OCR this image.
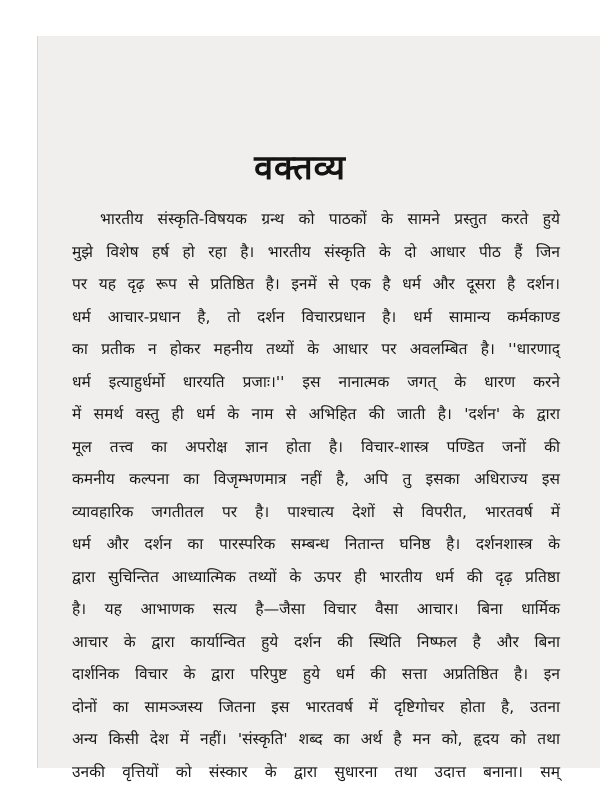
वक्तव्य
भारतीय संस्कृति-विषयक ग्रन्थ को पाठकों के सामने प्रस्तुत करते हुये
मुझे विशेष हर्ष हो रहा है। भारतीय संस्कृति के दो आधार पीठ हैं जिन
पर यह दृढ़ रूप से प्रतिष्ठित है। इनमें से एक है धर्म और दूसरा है दर्शन।
धर्म आचार-प्रधान है, तो दर्शन विचारप्रधान है। धर्म सामान्य कर्मकाण्ड
का प्रतीक न होकर महनीय तथ्यों के आधार पर अवलम्बित है। ''धारणाद्
धर्म इत्याहुर्धर्मो धारयति प्रजाः।'' इस नानात्मक जगत् के धारण करने
में समर्थ वस्तु ही धर्म के नाम से अभिहित की जाती है। 'दर्शन' के द्वारा
मूल तत्त्व का अपरोक्ष ज्ञान होता है। विचार-शास्त्र पण्डित जनों की
कमनीय कल्पना का विजृम्भणमात्र नहीं है, अपि तु इसका अधिराज्य इस
व्यावहारिक जगतीतल पर है। पाश्चात्य देशों से विपरीत, भारतवर्ष में
धर्म और दर्शन का पारस्परिक सम्बन्ध नितान्त घनिष्ठ है। दर्शनशास्त्र के
द्वारा सुचिन्तित आध्यात्मिक तथ्यों के ऊपर ही भारतीय धर्म की दृढ़ प्रतिष्ठा
है। यह आभाणक सत्य है—जैसा विचार वैसा आचार। बिना धार्मिक
आचार के द्वारा कार्यान्वित हुये दर्शन की स्थिति निष्फल है और बिना
दार्शनिक विचार के द्वारा परिपुष्ट हुये धर्म की सत्ता अप्रतिष्ठित है। इन
दोनों का सामञ्जस्य जितना इस भारतवर्ष में दृष्टिगोचर होता है, उतना
अन्य किसी देश में नहीं। 'संस्कृति' शब्द का अर्थ है मन को, हृदय को तथा
उनकी वृत्तियों को संस्कार के द्वारा सुधारना तथा उदात्त बनाना। सम्
